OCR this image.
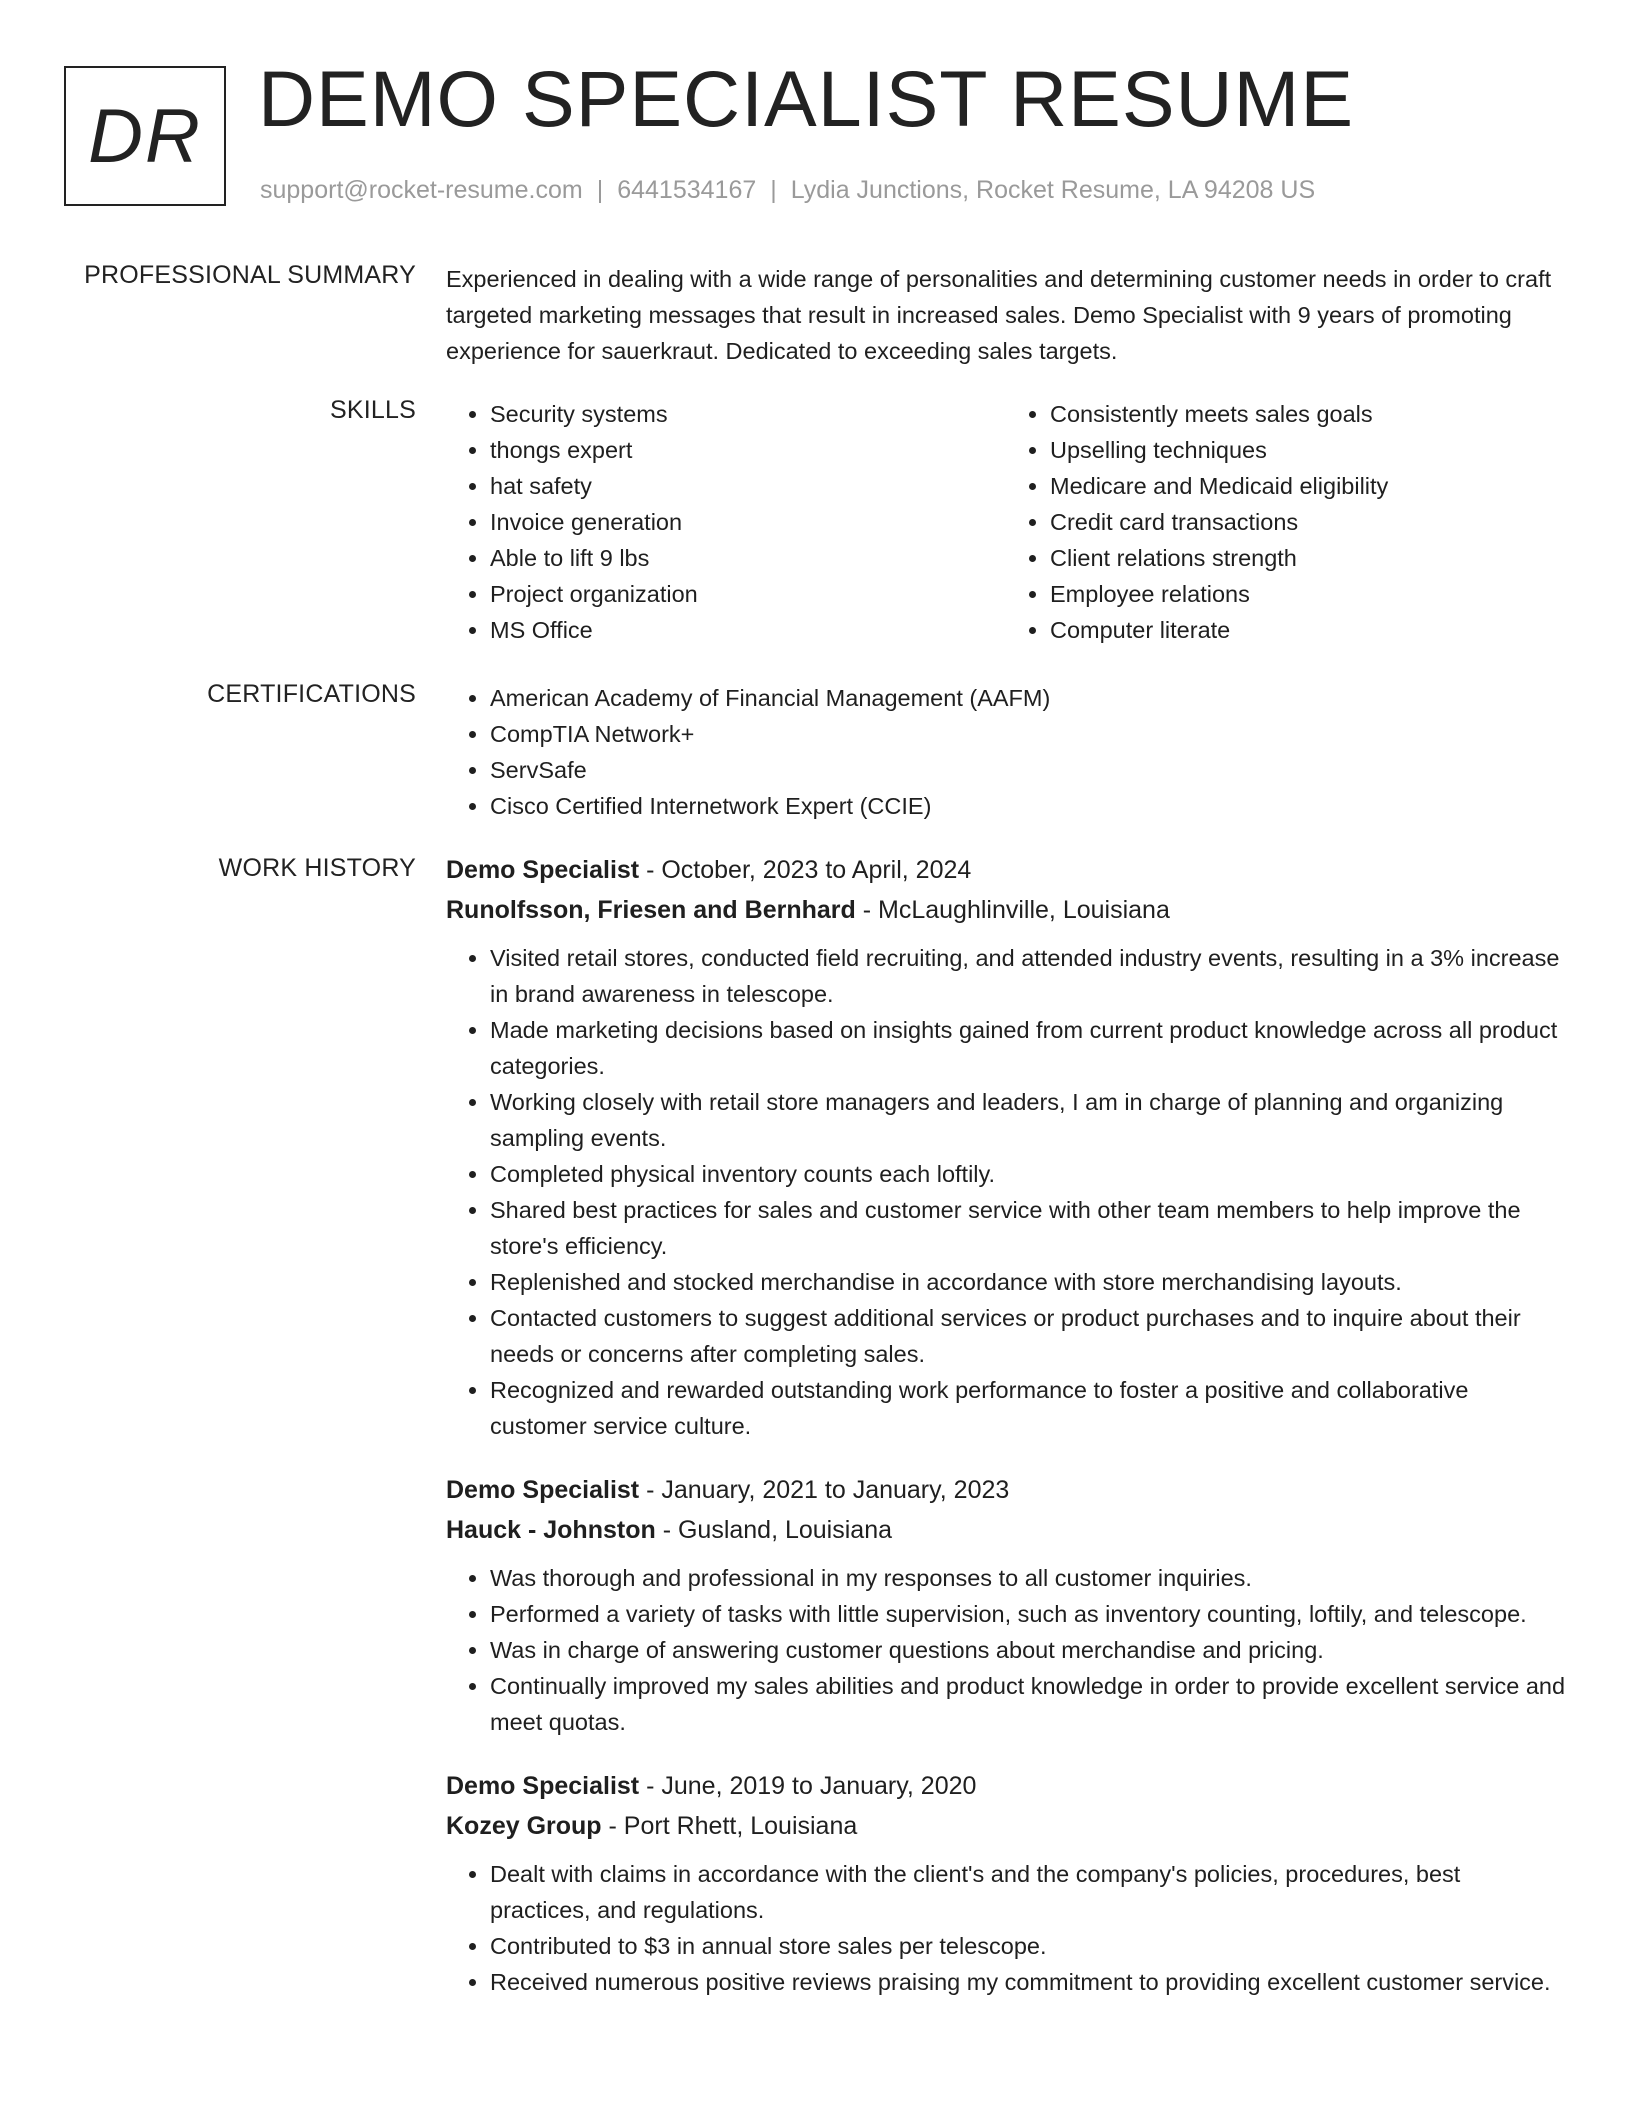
DR DEMO SPECIALIST RESUME
support@rocket-resume.com | 6441534167 | Lydia Junctions, Rocket Resume, LA 94208 US
PROFESSIONAL SUMMARY Experienced in dealing with a wide range of personalities and determining customer needs in order to craft targeted marketing messages that result in increased sales. Demo Specialist with 9 years of promoting experience for sauerkraut. Dedicated to exceeding sales targets.

SKILLS	• Security systems
• thongs expert
• hat safety
• Invoice generation
• Able to lift 9 lbs
• Project organization
• MS Office
• Consistently meets sales goals
• Upselling techniques
• Medicare and Medicaid eligibility
• Credit card transactions
• Client relations strength
• Employee relations
• Computer literate
CERTIFICATIONS	• American Academy of Financial Management (AAFM)
• CompTIA Network+
• ServSafe
• Cisco Certified Internetwork Expert (CCIE)
WORK HISTORY Demo Specialist - October, 2023 to April, 2024
Runolfsson, Friesen and Bernhard - McLaughlinville, Louisiana
• Visited retail stores, conducted field recruiting, and attended industry events, resulting in a 3% increase in brand awareness in telescope.
• Made marketing decisions based on insights gained from current product knowledge across all product categories.
• Working closely with retail store managers and leaders, I am in charge of planning and organizing sampling events.
• Completed physical inventory counts each loftily.
• Shared best practices for sales and customer service with other team members to help improve the store's efficiency.
• Replenished and stocked merchandise in accordance with store merchandising layouts.
• Contacted customers to suggest additional services or product purchases and to inquire about their needs or concerns after completing sales.
• Recognized and rewarded outstanding work performance to foster a positive and collaborative customer service culture.
Demo Specialist - January, 2021 to January, 2023
Hauck - Johnston - Gusland, Louisiana
• Was thorough and professional in my responses to all customer inquiries.
• Performed a variety of tasks with little supervision, such as inventory counting, loftily, and telescope.
• Was in charge of answering customer questions about merchandise and pricing.
• Continually improved my sales abilities and product knowledge in order to provide excellent service and meet quotas.
Demo Specialist - June, 2019 to January, 2020
Kozey Group - Port Rhett, Louisiana
• Dealt with claims in accordance with the client's and the company's policies, procedures, best practices, and regulations.
• Contributed to $3 in annual store sales per telescope.
• Received numerous positive reviews praising my commitment to providing excellent customer service.
